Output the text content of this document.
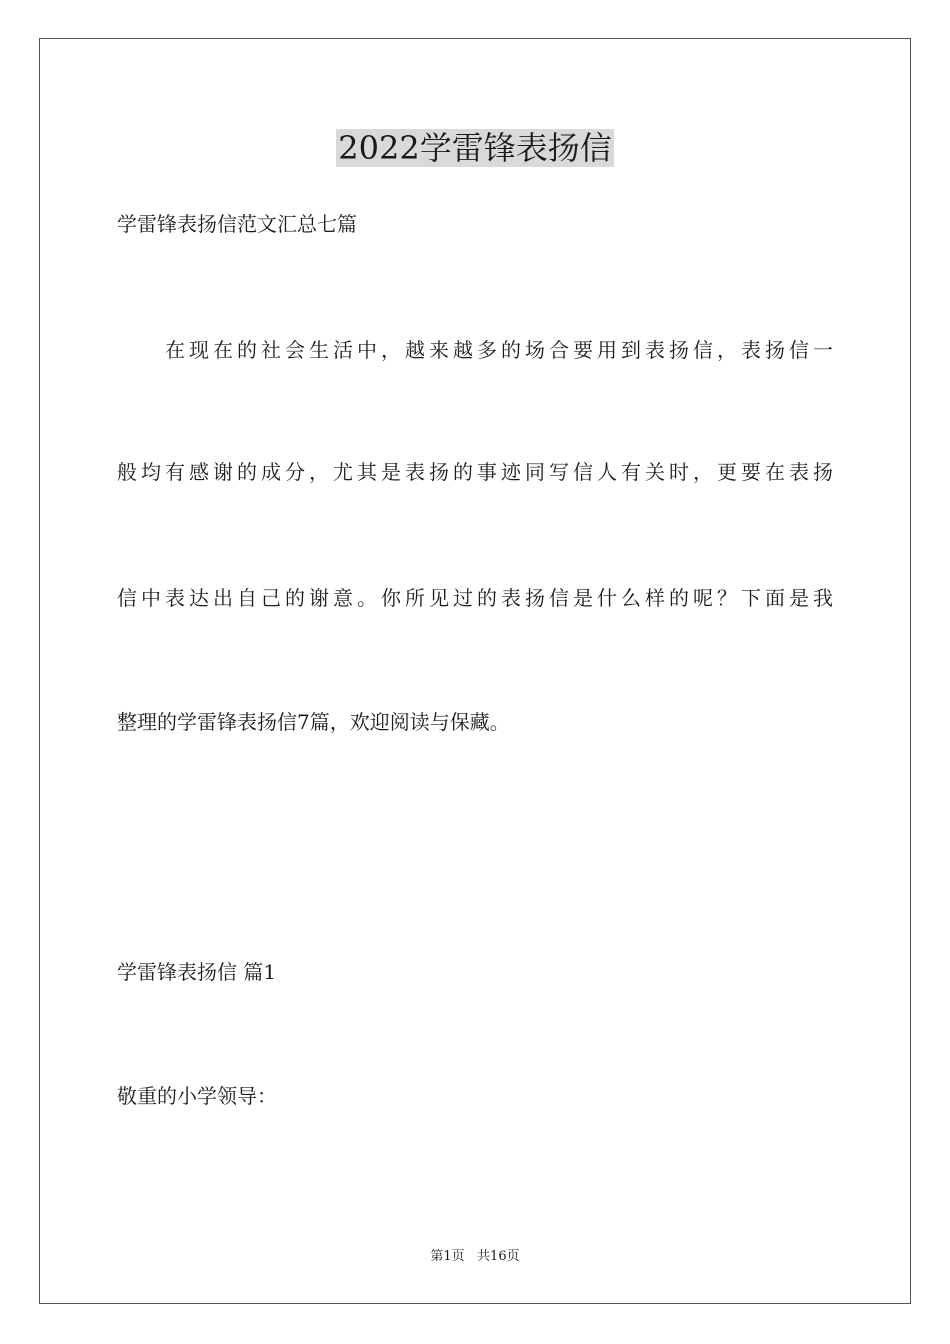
2022学雷锋表扬信
学雷锋表扬信范文汇总七篇
　　在现在的社会生活中，越来越多的场合要用到表扬信，表扬信一
般均有感谢的成分，尤其是表扬的事迹同写信人有关时，更要在表扬
信中表达出自己的谢意。你所见过的表扬信是什么样的呢？下面是我
整理的学雷锋表扬信7篇，欢迎阅读与保藏。
学雷锋表扬信 篇1
敬重的小学领导：
第1页   共16页
